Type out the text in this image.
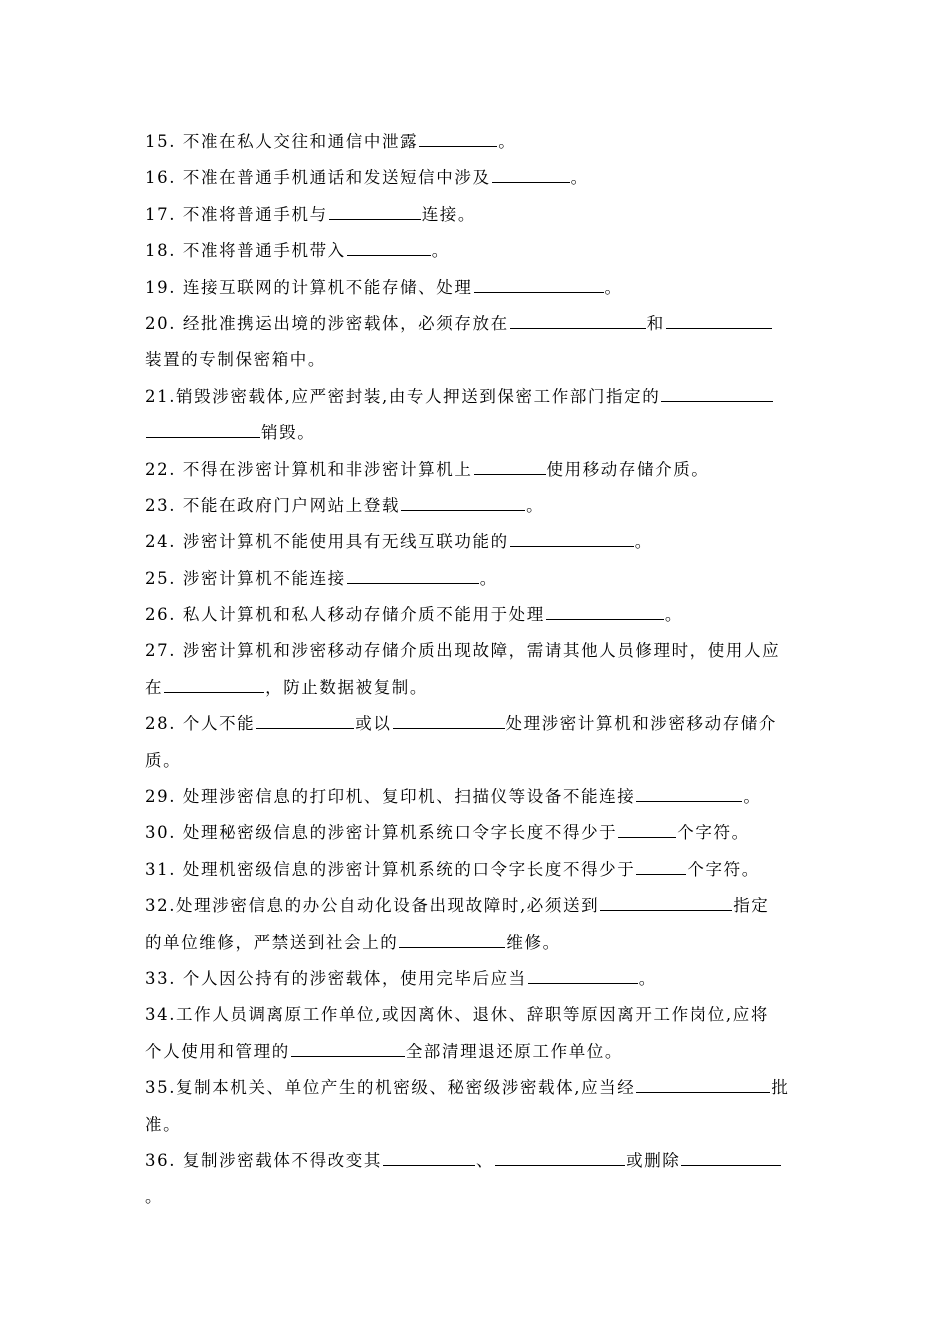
15. 不准在私人交往和通信中泄露	。
16. 不准在普通手机通话和发送短信中涉及	。
17. 不准将普通手机与	连接。
18. 不准将普通手机带入	。
19. 连接互联网的计算机不能存储、处理	。
20. 经批准携运出境的涉密载体，必须存放在	和
装置的专制保密箱中。
21.销毁涉密载体,应严密封装,由专人押送到保密工作部门指定的
销毁。
22. 不得在涉密计算机和非涉密计算机上	使用移动存储介质。
23. 不能在政府门户网站上登载	。
24. 涉密计算机不能使用具有无线互联功能的	。
25. 涉密计算机不能连接	。
26. 私人计算机和私人移动存储介质不能用于处理	。
27. 涉密计算机和涉密移动存储介质出现故障，需请其他人员修理时，使用人应
在	，防止数据被复制。
28. 个人不能	或以	处理涉密计算机和涉密移动存储介
质。
29. 处理涉密信息的打印机、复印机、扫描仪等设备不能连接	。
30. 处理秘密级信息的涉密计算机系统口令字长度不得少于	个字符。
31. 处理机密级信息的涉密计算机系统的口令字长度不得少于	个字符。
32.处理涉密信息的办公自动化设备出现故障时,必须送到	指定
的单位维修，严禁送到社会上的	维修。
33. 个人因公持有的涉密载体，使用完毕后应当	。
34.工作人员调离原工作单位,或因离休、退休、辞职等原因离开工作岗位,应将
个人使用和管理的	全部清理退还原工作单位。
35.复制本机关、单位产生的机密级、秘密级涉密载体,应当经	批
准。
36. 复制涉密载体不得改变其	、	或删除
。
